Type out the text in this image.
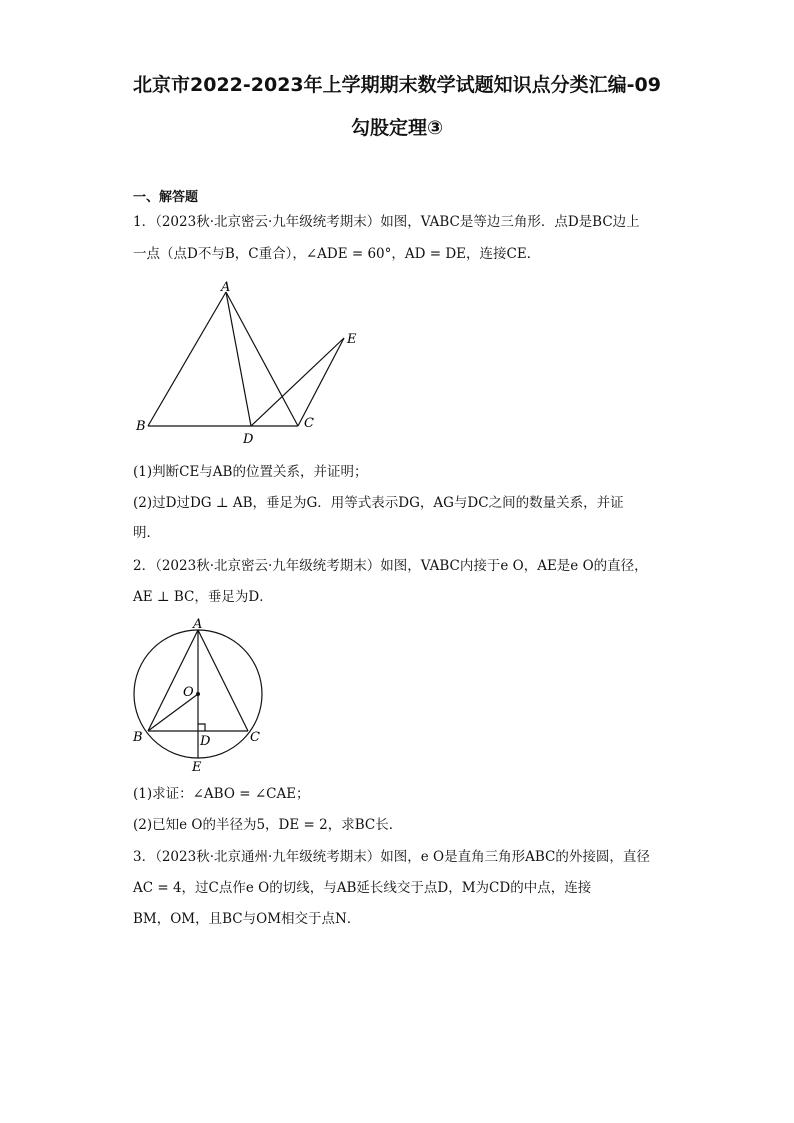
北京市2022-2023年上学期期末数学试题知识点分类汇编-09
勾股定理③
一、解答题
1．（2023秋·北京密云·九年级统考期末）如图，VABC是等边三角形．点D是BC边上
一点（点D不与B，C重合），∠ADE = 60°，AD = DE，连接CE．
A
B	C
D
E
(1)判断CE与AB的位置关系，并证明；
(2)过D过DG ⊥ AB，垂足为G．用等式表示DG，AG与DC之间的数量关系，并证
明．
2．（2023秋·北京密云·九年级统考期末）如图，VABC内接于e O，AE是e O的直径，
AE ⊥ BC，垂足为D．
A
O
B	D	C
E
(1)求证：∠ABO = ∠CAE；
(2)已知e O的半径为5，DE = 2，求BC长．
3．（2023秋·北京通州·九年级统考期末）如图，e O是直角三角形ABC的外接圆，直径
AC = 4，过C点作e O的切线，与AB延长线交于点D，M为CD的中点，连接
BM，OM，且BC与OM相交于点N．
